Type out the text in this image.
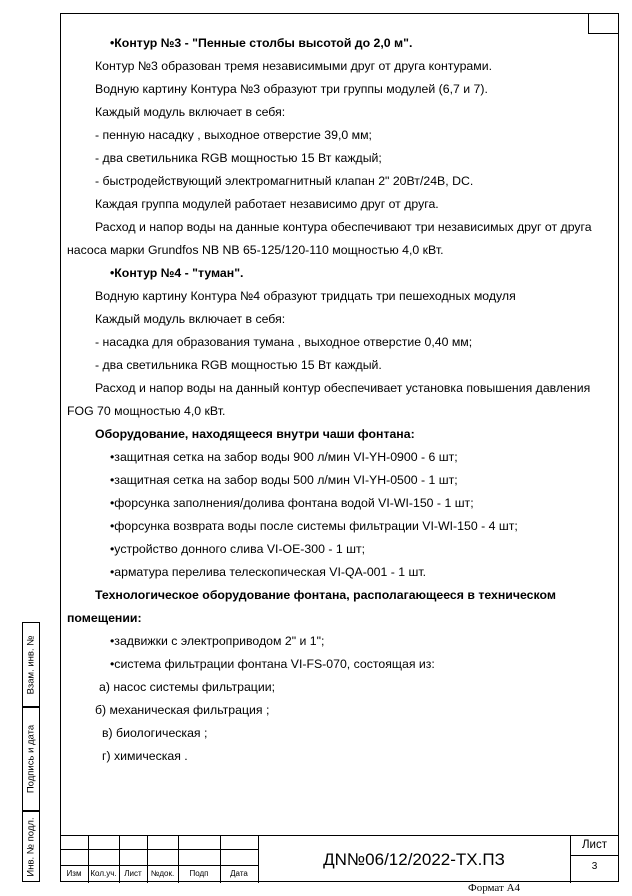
•Контур №3 - "Пенные столбы высотой до 2,0 м".
Контур №3 образован тремя независимыми друг от друга контурами.
Водную картину Контура №3 образуют три группы модулей (6,7 и 7).
Каждый модуль включает в себя:
- пенную насадку , выходное отверстие 39,0 мм;
- два светильника RGB мощностью 15 Вт каждый;
- быстродействующий электромагнитный клапан 2" 20Вт/24В, DC.
Каждая группа модулей работает независимо друг от друга.
Расход и напор воды на данные контура обеспечивают три независимых друг от друга
насоса марки Grundfos NB NB 65-125/120-110 мощностью 4,0 кВт.
•Контур №4 - "туман".
Водную картину Контура №4 образуют тридцать три пешеходных модуля
Каждый модуль включает в себя:
- насадка для образования тумана , выходное отверстие 0,40 мм;
- два светильника RGB мощностью 15 Вт каждый.
Расход и напор воды на данный контур обеспечивает установка повышения давления
FOG 70 мощностью 4,0 кВт.
Оборудование, находящееся внутри чаши фонтана:
•защитная сетка на забор воды 900 л/мин VI-YH-0900 - 6 шт;
•защитная сетка на забор воды 500 л/мин VI-YH-0500 - 1 шт;
•форсунка заполнения/долива фонтана водой VI-WI-150 - 1 шт;
•форсунка возврата воды после системы фильтрации VI-WI-150 - 4 шт;
•устройство донного слива VI-OE-300 - 1 шт;
•арматура перелива телескопическая VI-QA-001 - 1 шт.
Технологическое оборудование фонтана, располагающееся в техническом
помещении:
•задвижки с электроприводом 2" и 1";
•система фильтрации фонтана VI-FS-070, состоящая из:
а) насос системы фильтрации;
б) механическая фильтрация ;
в) биологическая ;
г) химическая .
Взам. инв. №
Подпись и дата
Инв. № подл.	Изм	Кол.уч. Лист	№док.	Подп	Дата
ДN№06/12/2022-ТХ.ПЗ
Лист
3
Формат А4
